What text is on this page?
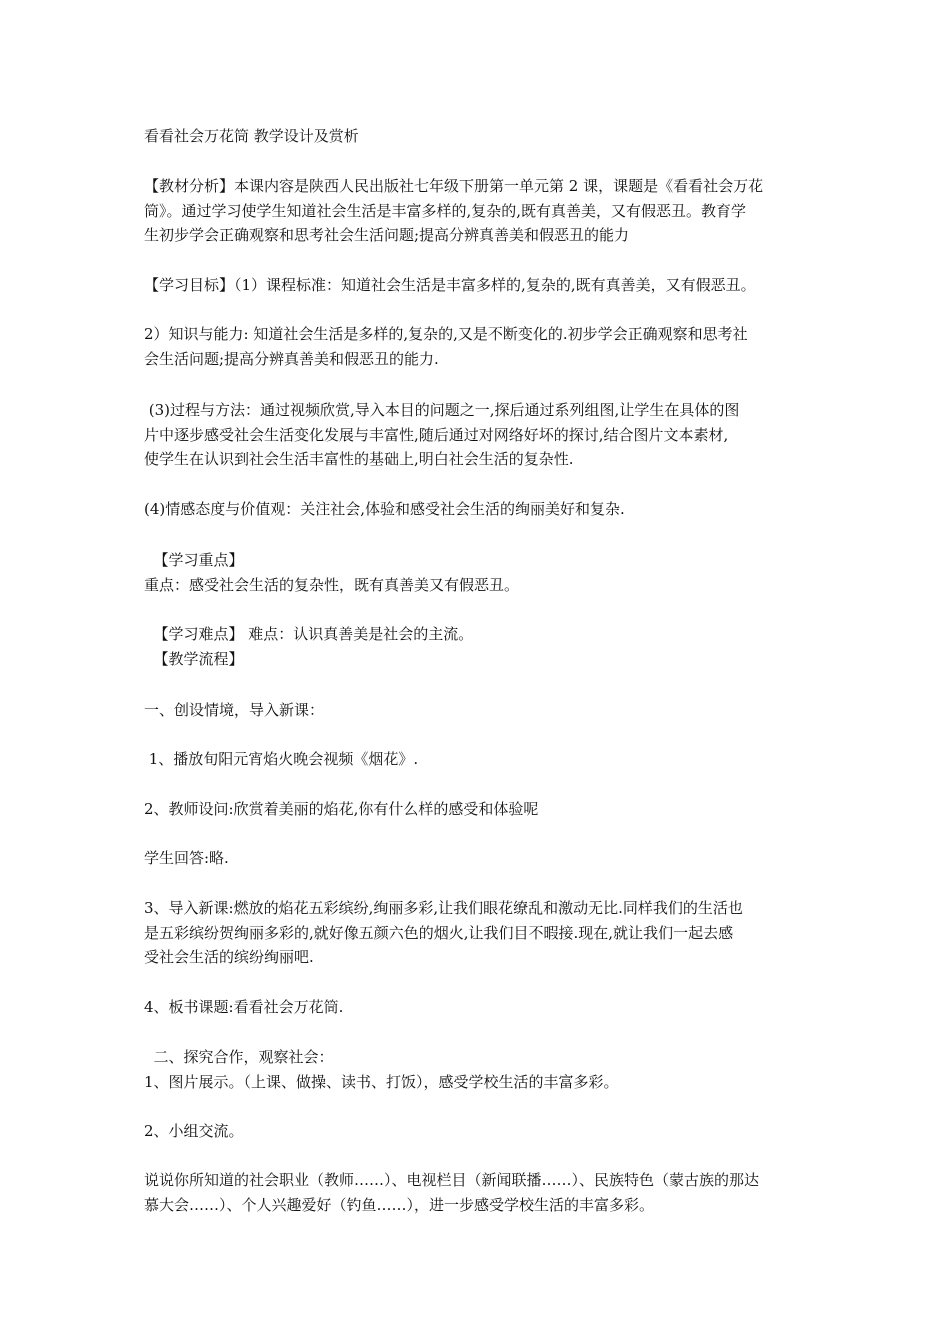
看看社会万花筒 教学设计及赏析

【教材分析】本课内容是陕西人民出版社七年级下册第一单元第 2 课，课题是《看看社会万花
筒》。通过学习使学生知道社会生活是丰富多样的,复杂的,既有真善美，又有假恶丑。教育学
生初步学会正确观察和思考社会生活问题;提高分辨真善美和假恶丑的能力

【学习目标】（1）课程标准：知道社会生活是丰富多样的,复杂的,既有真善美，又有假恶丑。

2）知识与能力: 知道社会生活是多样的,复杂的,又是不断变化的.初步学会正确观察和思考社
会生活问题;提高分辨真善美和假恶丑的能力.

(3)过程与方法：通过视频欣赏,导入本目的问题之一,探后通过系列组图,让学生在具体的图
片中逐步感受社会生活变化发展与丰富性,随后通过对网络好坏的探讨,结合图片文本素材,
使学生在认识到社会生活丰富性的基础上,明白社会生活的复杂性.

(4)情感态度与价值观：关注社会,体验和感受社会生活的绚丽美好和复杂.

【学习重点】
重点：感受社会生活的复杂性，既有真善美又有假恶丑。

【学习难点】 难点：认识真善美是社会的主流。
【教学流程】

一、创设情境，导入新课：

1、播放旬阳元宵焰火晚会视频《烟花》.

2、教师设问:欣赏着美丽的焰花,你有什么样的感受和体验呢

学生回答:略.

3、导入新课:燃放的焰花五彩缤纷,绚丽多彩,让我们眼花缭乱和激动无比.同样我们的生活也
是五彩缤纷贺绚丽多彩的,就好像五颜六色的烟火,让我们目不暇接.现在,就让我们一起去感
受社会生活的缤纷绚丽吧.

4、板书课题:看看社会万花筒.

二、探究合作，观察社会：
1、图片展示。（上课、做操、读书、打饭），感受学校生活的丰富多彩。

2、小组交流。

说说你所知道的社会职业（教师……）、电视栏目（新闻联播……）、民族特色（蒙古族的那达
慕大会……）、个人兴趣爱好（钓鱼……），进一步感受学校生活的丰富多彩。
